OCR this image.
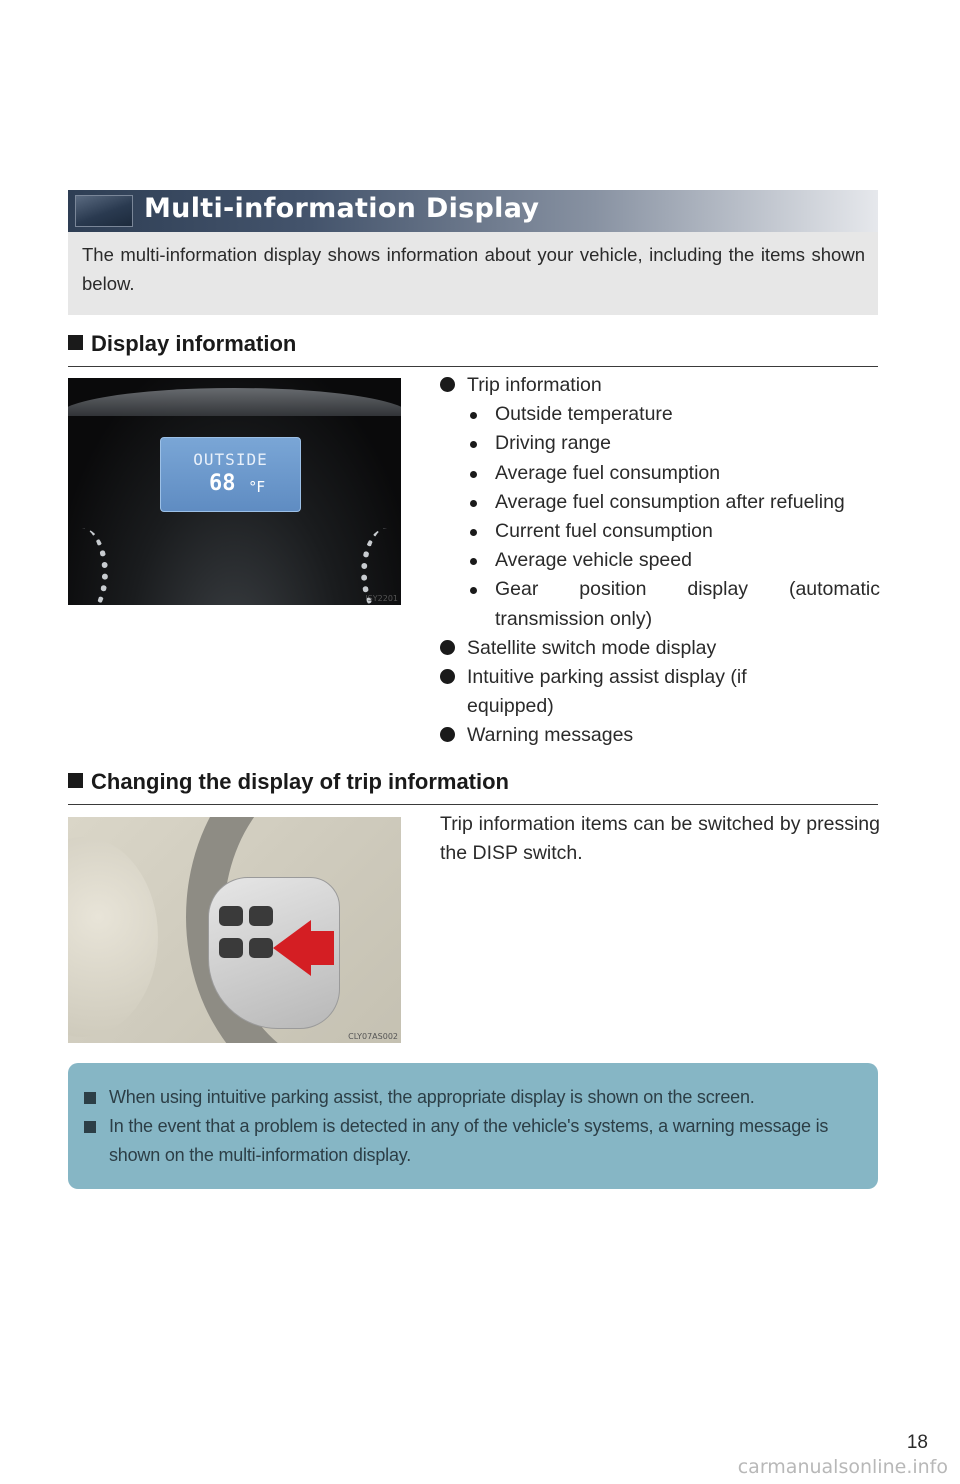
Multi-information Display
The multi-information display shows information about your vehicle, including the items shown below.
Display information
OUTSIDE
68 °F
ISY2201
Trip information
Outside temperature
Driving range
Average fuel consumption
Average fuel consumption after refueling
Current fuel consumption
Average vehicle speed
Gear position display (automatic transmission only)
Satellite switch mode display
Intuitive parking assist display (if equipped)
Warning messages
Changing the display of trip information
CLY07AS002
Trip information items can be switched by pressing the DISP switch.
When using intuitive parking assist, the appropriate display is shown on the screen.
In the event that a problem is detected in any of the vehicle's systems, a warning message is shown on the multi-information display.
18
carmanualsonline.info
